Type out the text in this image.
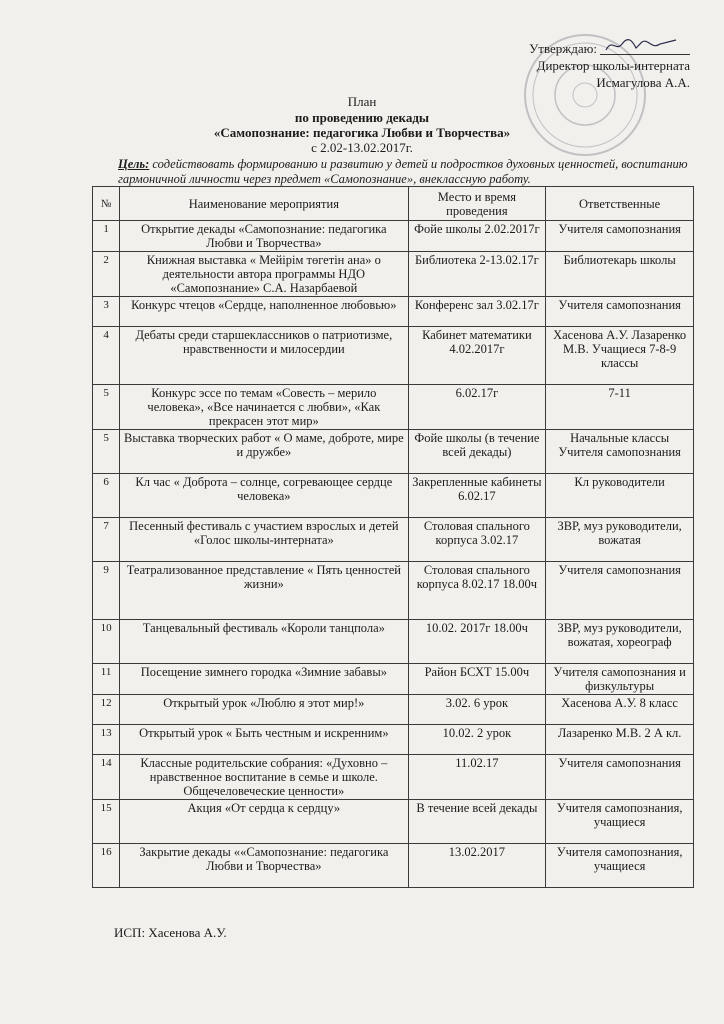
Утверждаю:
Директор школы-интерната
Исмагулова А.А.
План
по проведению декады
«Самопознание: педагогика Любви и Творчества»
с 2.02-13.02.2017г.
Цель: содействовать формированию и развитию у детей и подростков духовных ценностей, воспитанию гармоничной личности через предмет «Самопознание», внеклассную работу.
№	Наименование мероприятия	Место и время проведения	Ответственные
1	Открытие декады «Самопознание: педагогика Любви и Творчества»	Фойе школы 2.02.2017г	Учителя самопознания
2	Книжная выставка « Мейірім төгетін ана» о деятельности автора программы НДО «Самопознание» С.А. Назарбаевой	Библиотека 2-13.02.17г	Библиотекарь школы
3	Конкурс чтецов «Сердце, наполненное любовью»	Конференс зал 3.02.17г	Учителя самопознания
4	Дебаты среди старшеклассников о патриотизме, нравственности и милосердии	Кабинет математики 4.02.2017г	Хасенова А.У. Лазаренко М.В. Учащиеся 7-8-9 классы
5	Конкурс эссе по темам «Совесть – мерило человека», «Все начинается с любви», «Как прекрасен этот мир»	6.02.17г	7-11
5	Выставка творческих работ « О маме, доброте, мире и дружбе»	Фойе школы (в течение всей декады)	Начальные классы Учителя самопознания
6	Кл час « Доброта – солнце, согревающее сердце человека»	Закрепленные кабинеты 6.02.17	Кл руководители
7	Песенный фестиваль с участием взрослых и детей «Голос школы-интерната»	Столовая спального корпуса 3.02.17	ЗВР, муз руководители, вожатая
9	Театрализованное представление « Пять ценностей жизни»	Столовая спального корпуса 8.02.17 18.00ч	Учителя самопознания
10	Танцевальный фестиваль «Короли танцпола»	10.02. 2017г 18.00ч	ЗВР, муз руководители, вожатая, хореограф
11	Посещение зимнего городка «Зимние забавы»	Район БСХТ 15.00ч	Учителя самопознания и физкультуры
12	Открытый урок «Люблю я этот мир!»	3.02. 6 урок	Хасенова А.У. 8 класс
13	Открытый урок « Быть честным и искренним»	10.02. 2 урок	Лазаренко М.В. 2 А кл.
14	Классные родительские собрания: «Духовно – нравственное воспитание в семье и школе. Общечеловеческие ценности»	11.02.17	Учителя самопознания
15	Акция «От сердца к сердцу»	В течение всей декады	Учителя самопознания, учащиеся
16	Закрытие декады ««Самопознание: педагогика Любви и Творчества»	13.02.2017	Учителя самопознания, учащиеся
ИСП: Хасенова А.У.
